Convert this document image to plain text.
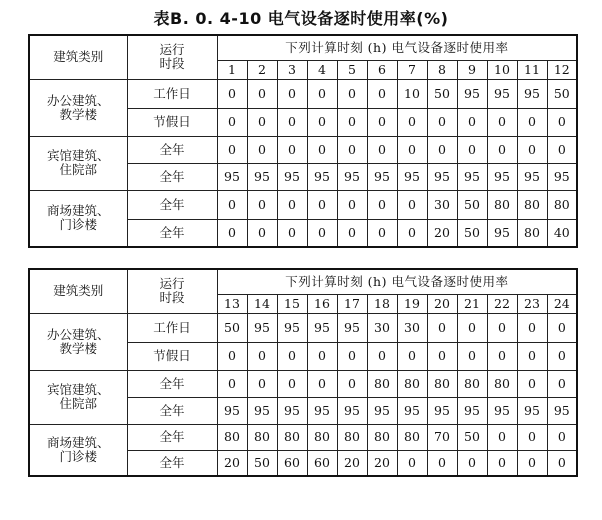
表B. 0. 4-10 电气设备逐时使用率(%)
建筑类别	运行
时段	下列计算时刻 (h) 电气设备逐时使用率											
		1	2	3	4	5	6	7	8	9	10	11	12

办公建筑、
教学楼	工作日	0	0	0	0	0	0	10	50	95	95	95	50
	节假日	0	0	0	0	0	0	0	0	0	0	0	0

宾馆建筑、
住院部	全年	0	0	0	0	0	0	0	0	0	0	0	0
	全年	95	95	95	95	95	95	95	95	95	95	95	95

商场建筑、
门诊楼	全年	0	0	0	0	0	0	0	30	50	80	80	80
	全年	0	0	0	0	0	0	0	20	50	95	80	40
建筑类别	运行
时段	下列计算时刻 (h) 电气设备逐时使用率											
		13	14	15	16	17	18	19	20	21	22	23	24

办公建筑、
教学楼	工作日	50	95	95	95	95	30	30	0	0	0	0	0
	节假日	0	0	0	0	0	0	0	0	0	0	0	0

宾馆建筑、
住院部	全年	0	0	0	0	0	80	80	80	80	80	0	0
	全年	95	95	95	95	95	95	95	95	95	95	95	95

商场建筑、
门诊楼	全年	80	80	80	80	80	80	80	70	50	0	0	0
	全年	20	50	60	60	20	20	0	0	0	0	0	0
